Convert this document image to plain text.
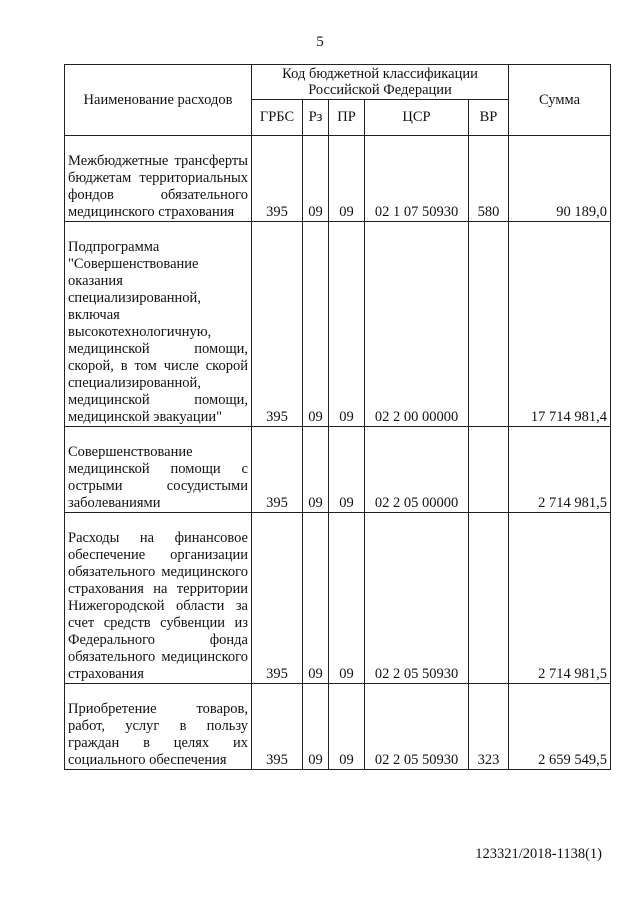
5
Наименование расходов	Код бюджетной классификации Российской Федерации					Сумма
	ГРБС	Рз	ПР	ЦСР	ВР	

Межбюджетные трансферты бюджетам территориальных фондов обязательного медицинского страхования	395	09	09	02 1 07 50930	580	90 189,0

Подпрограмма "Совершенствование оказания специализированной, включая высокотехнологичную, медицинской помощи, скорой, в том числе скорой специализированной, медицинской помощи, медицинской эвакуации"	395	09	09	02 2 00 00000		17 714 981,4

Совершенствование медицинской помощи с острыми сосудистыми заболеваниями	395	09	09	02 2 05 00000		2 714 981,5

Расходы на финансовое обеспечение организации обязательного медицинского страхования на территории Нижегородской области за счет средств субвенции из Федерального фонда обязательного медицинского страхования	395	09	09	02 2 05 50930		2 714 981,5

Приобретение товаров, работ, услуг в пользу граждан в целях их социального обеспечения	395	09	09	02 2 05 50930	323	2 659 549,5
123321/2018-1138(1)
